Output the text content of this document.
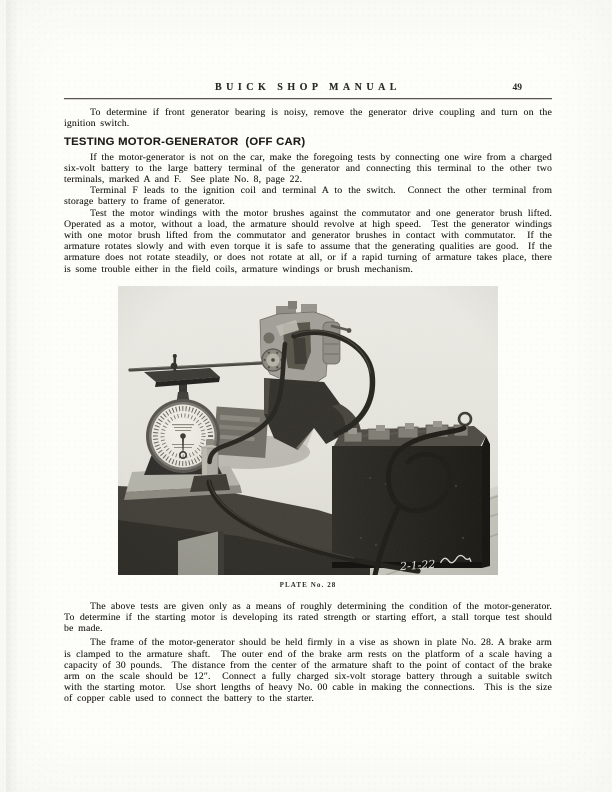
BUICK SHOP MANUAL	49

To determine if front generator bearing is noisy, remove the generator drive coupling and turn on the ignition switch.

TESTING MOTOR-GENERATOR  (OFF CAR)

If the motor-generator is not on the car, make the foregoing tests by connecting one wire from a charged six-volt battery to the large battery terminal of the generator and connecting this terminal to the other two terminals, marked A and F.  See plate No. 8, page 22.

Terminal F leads to the ignition coil and terminal A to the switch.  Connect the other terminal from storage battery to frame of generator.

Test the motor windings with the motor brushes against the commutator and one generator brush lifted.  Operated as a motor, without a load, the armature should revolve at high speed.  Test the generator windings with one motor brush lifted from the commutator and generator brushes in contact with commutator.  If the armature rotates slowly and with even torque it is safe to assume that the generating qualities are good.  If the armature does not rotate steadily, or does not rotate at all, or if a rapid turning of armature takes place, there is some trouble either in the field coils, armature windings or brush mechanism.

PLATE No. 28

The above tests are given only as a means of roughly determining the condition of the motor-generator.  To determine if the starting motor is developing its rated strength or starting effort, a stall torque test should be made.

The frame of the motor-generator should be held firmly in a vise as shown in plate No. 28. A brake arm is clamped to the armature shaft.  The outer end of the brake arm rests on the platform of a scale having a capacity of 30 pounds.  The distance from the center of the armature shaft to the point of contact of the brake arm on the scale should be 12″.  Connect a fully charged six-volt storage battery through a suitable switch with the starting motor.  Use short lengths of heavy No. 00 cable in making the connections.  This is the size of copper cable used to connect the battery to the starter.
